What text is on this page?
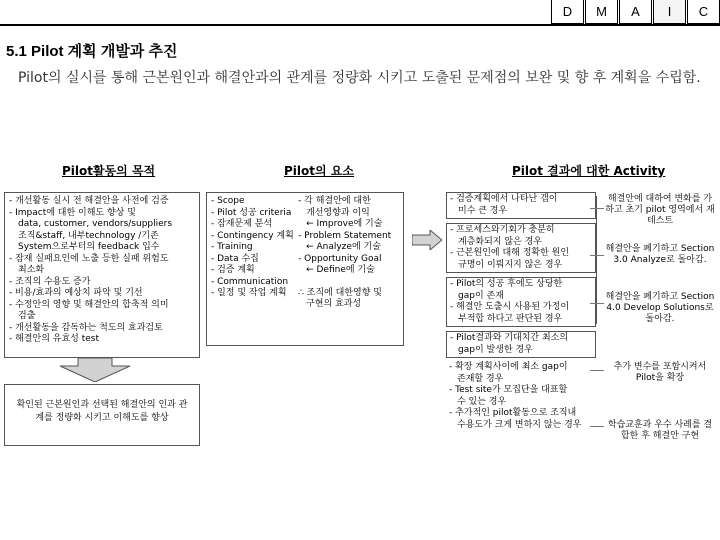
D	M	A	I	C
5.1 Pilot 계획 개발과 추진
Pilot의 실시를 통해 근본원인과 해결안과의 관계를 정량화 시키고 도출된 문제점의 보완 및 향 후 계획을 수립함.
Pilot활동의 목적	Pilot의 요소	Pilot 결과에 대한 Activity
- 개선활동 실시 전 해결안을 사전에 검증
- Impact에 대한 이해도 향상 및
data, customer, vendors/suppliers
조직&staff, 내부technology /기존
System으로부터의 feedback 입수
- 잠재 실패요인에 노출 등한 실패 위험도
최소화
- 조직의 수용도 증가
- 비용/효과의 예상치 파악 및 기선
- 수정안의 영향 및 해결안의 합축적 의미
검출
- 개선활동을 감독하는 척도의 효과검토
- 해결안의 유효성 test
확인된 근본원인과 선택된 해결안의 인과 관계를 정량화 시키고 이해도를 향상
- Scope
- Pilot 성공 criteria
- 잠재문제 분석
- Contingency 계획
- Training
- Data 수집
- 검증 계획
- Communication
- 일정 및 작업 계획
- 각 해결안에 대한
개선영향과 이익
← Improve에 기술
- Problem Statement
← Analyze에 기술
- Opportunity Goal
← Define에 기술
∴ 조직에 대한영향 및
구현의 효과성
- 검증계획에서 나타난 갭이
미수 큰 경우
- 프로세스와기회가 충분히
계층화되지 않은 경우
- 근본원인에 대해 정확한 원인
규명이 이뤄지지 않은 경우
- Pilot의 성공 후에도 상당한
gap이 존재
- 해결안 도출시 사용된 가정이
부적합 하다고 판단된 경우
- Pilot결과와 기대치간 최소의
gap이 발생한 경우
- 확장 계획사이에 최소 gap이
존재할 경우
- Test site가 모집단을 대표할
수 있는 경우
- 추가적인 pilot활동으로 조직내
수용도가 크게 변하지 않는 경우
해결안에 대하여 변화를 가하고 초기 pilot 영역에서 재 테스트
해결안을 폐기하고 Section 3.0 Analyze로 돌아감.
해결안을 폐기하고 Section 4.0 Develop Solutions로 돌아감.
추가 변수를 포함시켜서 Pilot을 확장
학습교훈과 우수 사례를 결합한 후 해결안 구현
